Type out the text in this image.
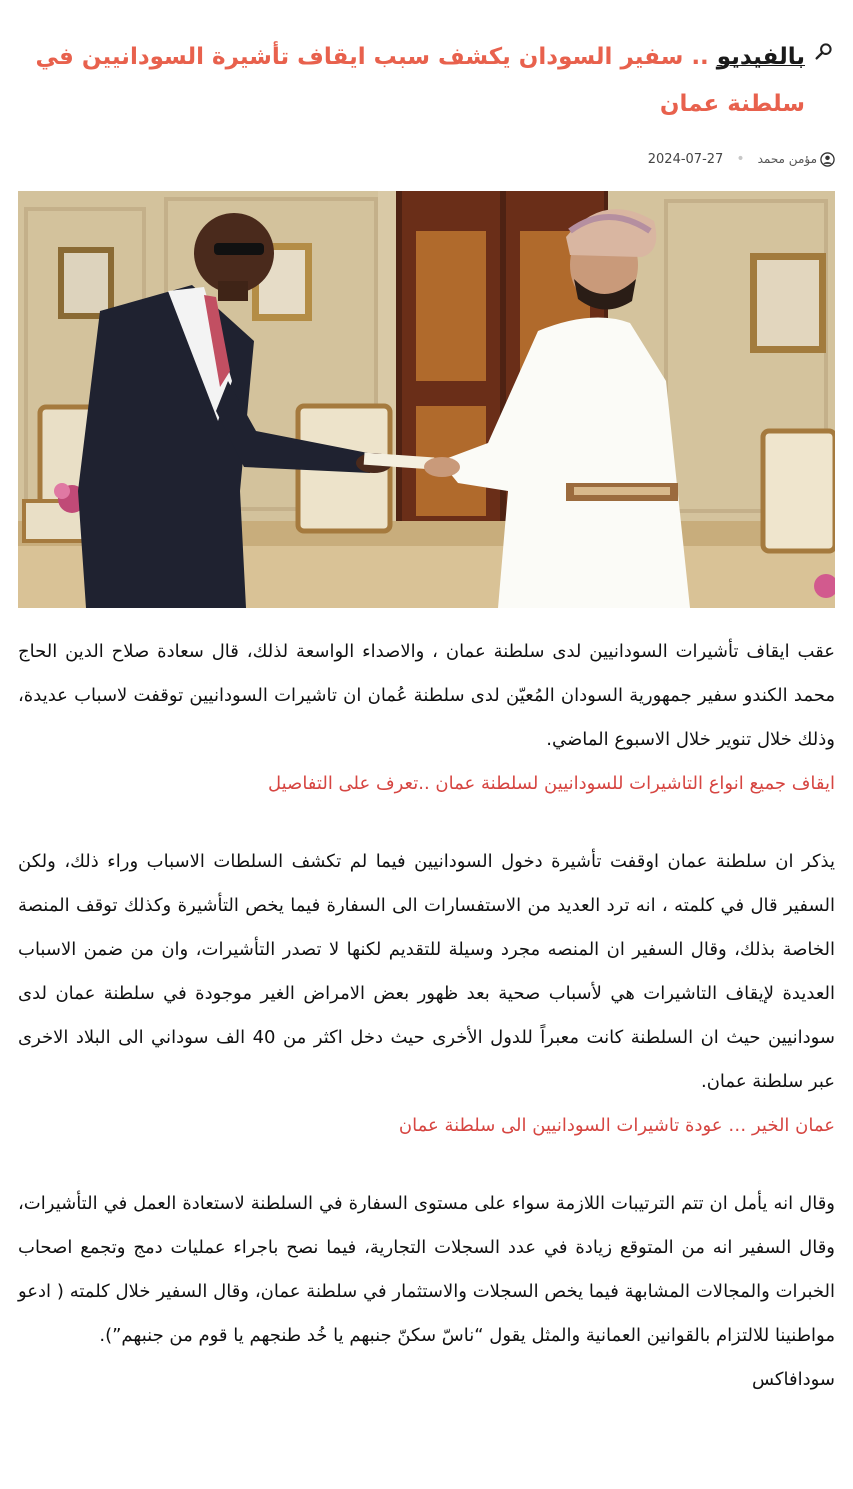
بالفيديو .. سفير السودان يكشف سبب ايقاف تأشيرة السودانيين في سلطنة عمان
مؤمن محمد
•
2024-07-27

عقب ايقاف تأشيرات السودانيين لدى سلطنة عمان ، والاصداء الواسعة لذلك، قال سعادة صلاح الدين الحاج محمد الكندو سفير جمهورية السودان المُعيّن لدى سلطنة عُمان ان تاشيرات السودانيين توقفت لاسباب عديدة، وذلك خلال تنوير خلال الاسبوع الماضي.

ايقاف جميع انواع التاشيرات للسودانيين لسلطنة عمان ..تعرف على التفاصيل

يذكر ان سلطنة عمان اوقفت تأشيرة دخول السودانيين فيما لم تكشف السلطات الاسباب وراء ذلك، ولكن السفير قال في كلمته ، انه ترد العديد من الاستفسارات الى السفارة فيما يخص التأشيرة وكذلك توقف المنصة الخاصة بذلك، وقال السفير ان المنصه مجرد وسيلة للتقديم لكنها لا تصدر التأشيرات، وان من ضمن الاسباب العديدة لإيقاف التاشيرات هي لأسباب صحية بعد ظهور بعض الامراض الغير موجودة في سلطنة عمان لدى سودانيين حيث ان السلطنة كانت معبراً للدول الأخرى حيث دخل اكثر من 40 الف سوداني الى البلاد الاخرى عبر سلطنة عمان.

عمان الخير … عودة تاشيرات السودانيين الى سلطنة عمان

وقال انه يأمل ان تتم الترتيبات اللازمة سواء على مستوى السفارة في السلطنة لاستعادة العمل في التأشيرات، وقال السفير انه من المتوقع زيادة في عدد السجلات التجارية، فيما نصح باجراء عمليات دمج وتجمع اصحاب الخبرات والمجالات المشابهة فيما يخص السجلات والاستثمار في سلطنة عمان، وقال السفير خلال كلمته ( ادعو مواطنينا للالتزام بالقوانين العمانية والمثل يقول “ناسّ سكنّ جنبهم يا خُد طنجهم يا قوم من جنبهم”).

سودافاكس
